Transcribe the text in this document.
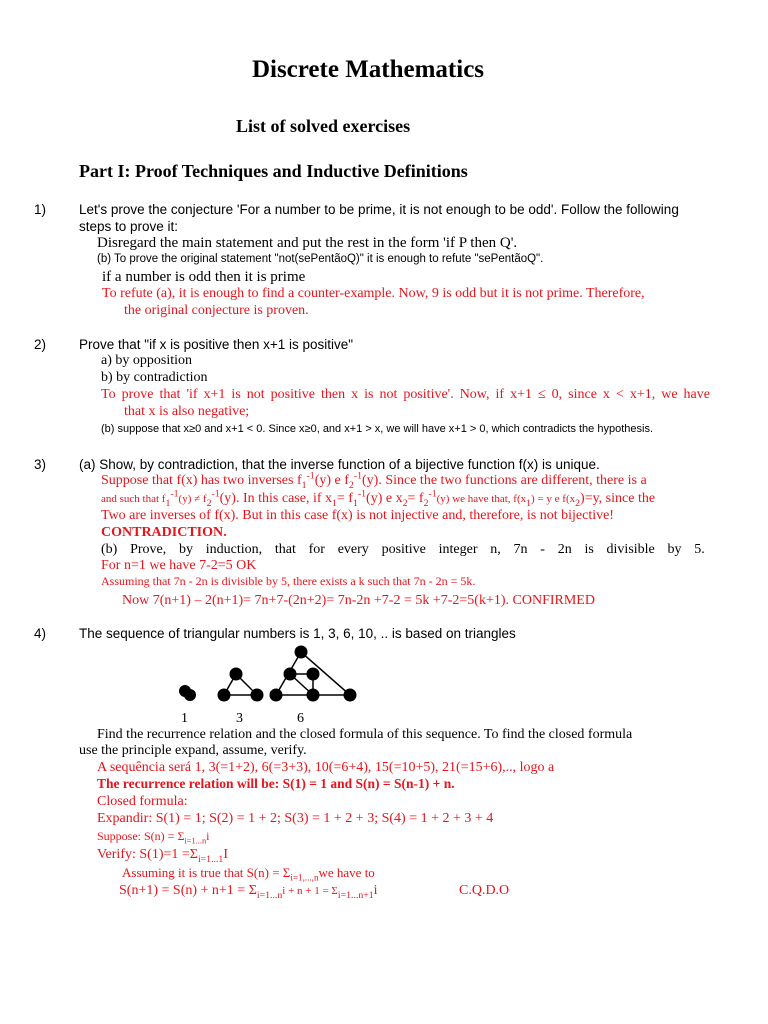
Discrete Mathematics
List of solved exercises
Part I: Proof Techniques and Inductive Definitions
1) Let's prove the conjecture 'For a number to be prime, it is not enough to be odd'. Follow the following
steps to prove it:
Disregard the main statement and put the rest in the form 'if P then Q'.
(b) To prove the original statement "not(sePentãoQ)" it is enough to refute "sePentãoQ".
if a number is odd then it is prime
To refute (a), it is enough to find a counter-example. Now, 9 is odd but it is not prime. Therefore,
the original conjecture is proven.
2) Prove that "if x is positive then x+1 is positive"
a) by opposition
b) by contradiction
To prove that 'if x+1 is not positive then x is not positive'. Now, if x+1 ≤ 0, since x < x+1, we have
that x is also negative;
(b) suppose that x≥0 and x+1 < 0. Since x≥0, and x+1 > x, we will have x+1 > 0, which contradicts the hypothesis.
3) (a) Show, by contradiction, that the inverse function of a bijective function f(x) is unique.
Suppose that f(x) has two inverses $f_1^{-1}(y)$ e $f_2^{-1}(y)$. Since the two functions are different, there is a
and such that $f_1^{-1}(y) \ne f_2^{-1}(y)$. In this case, if $x_1= f_1^{-1}(y)$ e $x_2= f_2^{-1}(y)$ we have that, $f(x_1) = y$ e $f(x_2)=y$, since the
Two are inverses of f(x). But in this case f(x) is not injective and, therefore, is not bijective!
CONTRADICTION.
(b) Prove, by induction, that for every positive integer n, 7n - 2n is divisible by 5.
For n=1 we have 7-2=5 OK
Assuming that 7n - 2n is divisible by 5, there exists a k such that 7n - 2n = 5k.
Now 7(n+1) – 2(n+1)= 7n+7-(2n+2)= 7n-2n +7-2 = 5k +7-2=5(k+1). CONFIRMED
4) The sequence of triangular numbers is 1, 3, 6, 10, .. is based on triangles
1	3	6
Find the recurrence relation and the closed formula of this sequence. To find the closed formula
use the principle expand, assume, verify.
A sequência será 1, 3(=1+2), 6(=3+3), 10(=6+4), 15(=10+5), 21(=15+6),.., logo a
The recurrence relation will be: S(1) = 1 and S(n) = S(n-1) + n.
Closed formula:
Expandir: S(1) = 1; S(2) = 1 + 2; S(3) = 1 + 2 + 3; S(4) = 1 + 2 + 3 + 4
Suppose: $S(n) = \Sigma_{i=1...n}i$
Verify: $S(1)=1 =\Sigma_{i=1...1}I$
Assuming it is true that $S(n) = \Sigma_{i=1,...,n}we$ have to
$S(n+1) = S(n) + n+1 = \Sigma_{i=1...n}i + n + 1 = \Sigma_{i=1...n+1}i$	C.Q.D.O
